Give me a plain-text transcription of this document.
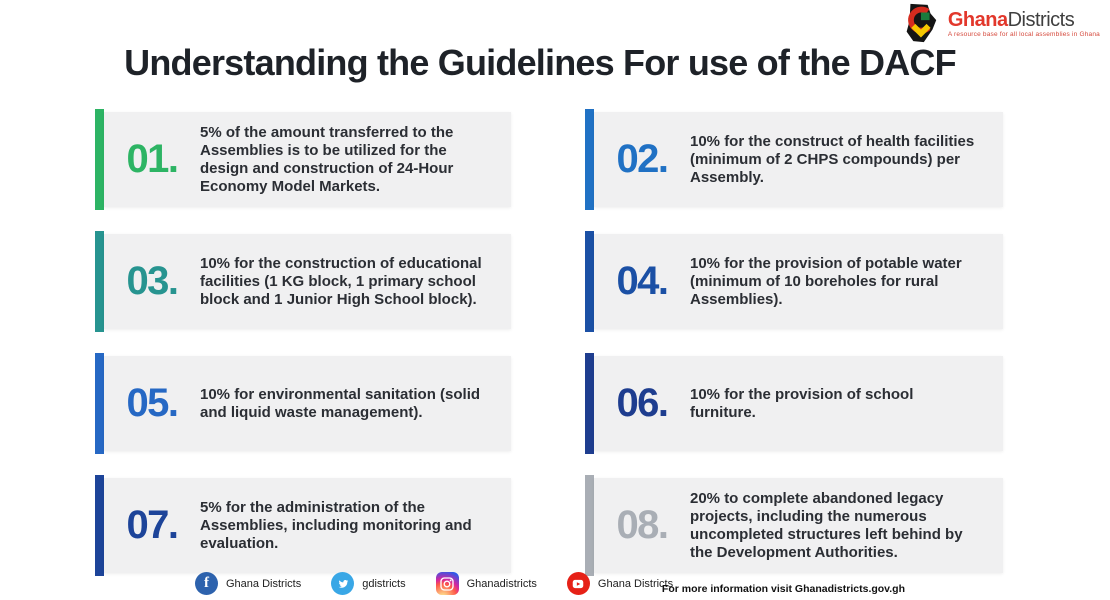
GhanaDistricts
A resource base for all local assemblies in Ghana
Understanding the Guidelines For use of the DACF
01.
5% of the amount transferred to the Assemblies is to be utilized for the design and construction of 24-Hour Economy Model Markets.
02.	10% for the construct of health facilities (minimum of 2 CHPS compounds) per Assembly.
03.	10% for the construction of educational facilities (1 KG block, 1 primary school block and 1 Junior High School block).	04.	10% for the provision of potable water (minimum of 10 boreholes for rural Assemblies).
05.	10% for environmental sanitation (solid and liquid waste management).	06.	10% for the provision of school furniture.
07.	5% for the administration of the Assemblies, including monitoring and evaluation.	08.
20% to complete abandoned legacy projects, including the numerous uncompleted structures left behind by the Development Authorities.
f	Ghana Districts	gdistricts	Ghanadistricts	Ghana Districts
For more information visit Ghanadistricts.gov.gh
